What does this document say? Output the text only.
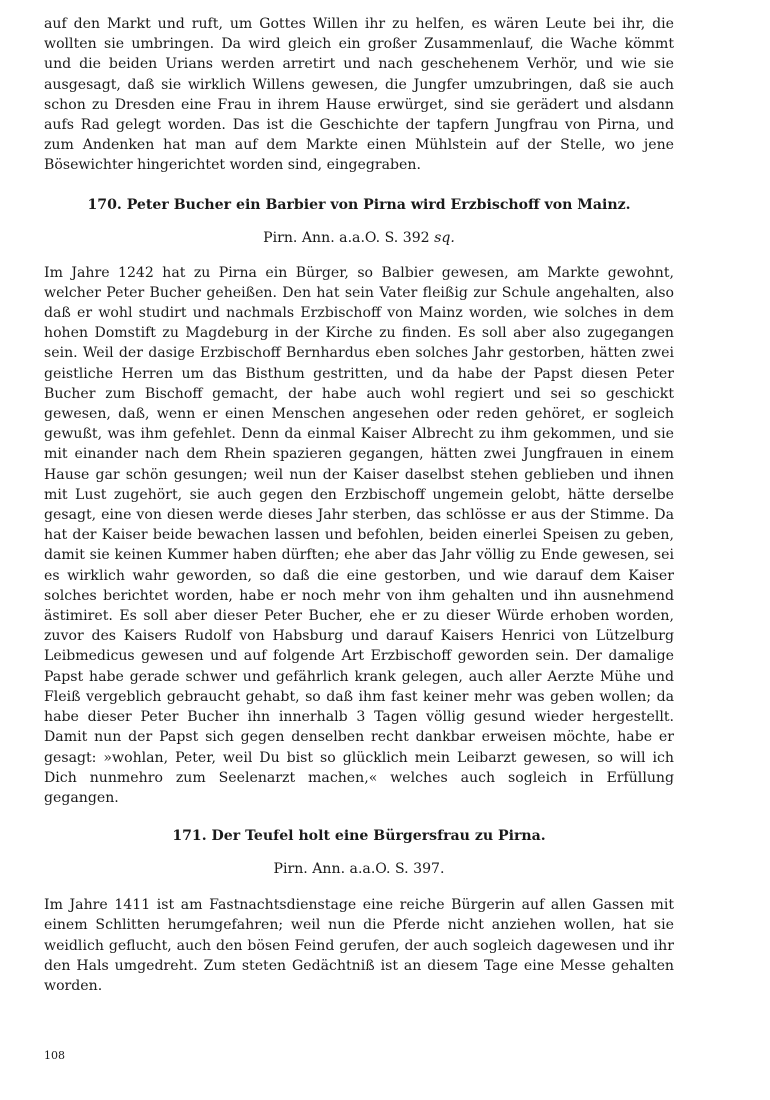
auf den Markt und ruft, um Gottes Willen ihr zu helfen, es wären Leute bei ihr, die wollten sie umbringen. Da wird gleich ein großer Zusammenlauf, die Wache kömmt und die beiden Urians werden arretirt und nach geschehenem Verhör, und wie sie ausgesagt, daß sie wirklich Willens gewesen, die Jungfer umzubringen, daß sie auch schon zu Dresden eine Frau in ihrem Hause erwürget, sind sie gerädert und alsdann aufs Rad gelegt worden. Das ist die Geschichte der tapfern Jungfrau von Pirna, und zum Andenken hat man auf dem Markte einen Mühlstein auf der Stelle, wo jene Bösewichter hingerichtet worden sind, eingegraben.

170. Peter Bucher ein Barbier von Pirna wird Erzbischoff von Mainz.

Pirn. Ann. a.a.O. S. 392 sq.

Im Jahre 1242 hat zu Pirna ein Bürger, so Balbier gewesen, am Markte gewohnt, welcher Peter Bucher geheißen. Den hat sein Vater fleißig zur Schule angehalten, also daß er wohl studirt und nachmals Erzbischoff von Mainz worden, wie solches in dem hohen Domstift zu Magdeburg in der Kirche zu finden. Es soll aber also zugegangen sein. Weil der dasige Erzbischoff Bernhardus eben solches Jahr gestorben, hätten zwei geistliche Herren um das Bisthum gestritten, und da habe der Papst diesen Peter Bucher zum Bischoff gemacht, der habe auch wohl regiert und sei so geschickt gewesen, daß, wenn er einen Menschen angesehen oder reden gehöret, er sogleich gewußt, was ihm gefehlet. Denn da einmal Kaiser Albrecht zu ihm gekommen, und sie mit einander nach dem Rhein spazieren gegangen, hätten zwei Jungfrauen in einem Hause gar schön gesungen; weil nun der Kaiser daselbst stehen geblieben und ihnen mit Lust zugehört, sie auch gegen den Erzbischoff ungemein gelobt, hätte derselbe gesagt, eine von diesen werde dieses Jahr sterben, das schlösse er aus der Stimme. Da hat der Kaiser beide bewachen lassen und befohlen, beiden einerlei Speisen zu geben, damit sie keinen Kummer haben dürften; ehe aber das Jahr völlig zu Ende gewesen, sei es wirklich wahr geworden, so daß die eine gestorben, und wie darauf dem Kaiser solches berichtet worden, habe er noch mehr von ihm gehalten und ihn ausnehmend ästimiret. Es soll aber dieser Peter Bucher, ehe er zu dieser Würde erhoben worden, zuvor des Kaisers Rudolf von Habsburg und darauf Kaisers Henrici von Lützelburg Leibmedicus gewesen und auf folgende Art Erzbischoff geworden sein. Der damalige Papst habe gerade schwer und gefährlich krank gelegen, auch aller Aerzte Mühe und Fleiß vergeblich gebraucht gehabt, so daß ihm fast keiner mehr was geben wollen; da habe dieser Peter Bucher ihn innerhalb 3 Tagen völlig gesund wieder hergestellt. Damit nun der Papst sich gegen denselben recht dankbar erweisen möchte, habe er gesagt: »wohlan, Peter, weil Du bist so glücklich mein Leibarzt gewesen, so will ich Dich nunmehro zum Seelenarzt machen,« welches auch sogleich in Erfüllung gegangen.

171. Der Teufel holt eine Bürgersfrau zu Pirna.

Pirn. Ann. a.a.O. S. 397.

Im Jahre 1411 ist am Fastnachtsdienstage eine reiche Bürgerin auf allen Gassen mit einem Schlitten herumgefahren; weil nun die Pferde nicht anziehen wollen, hat sie weidlich geflucht, auch den bösen Feind gerufen, der auch sogleich dagewesen und ihr den Hals umgedreht. Zum steten Gedächtniß ist an diesem Tage eine Messe gehalten worden.

108
